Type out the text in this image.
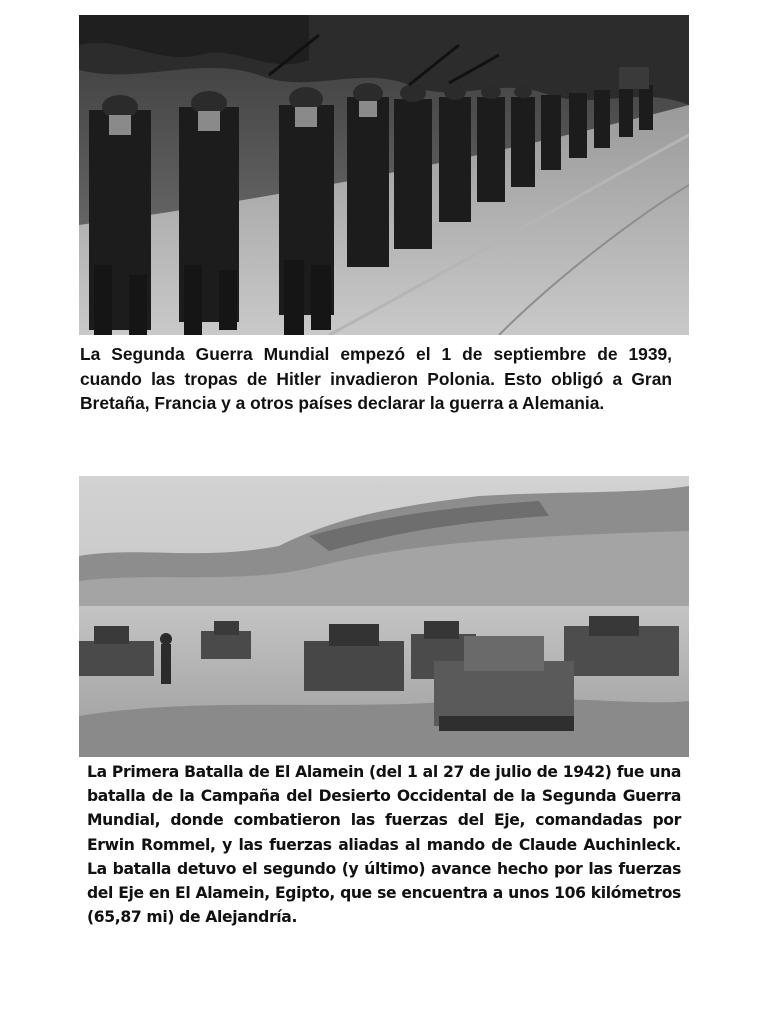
La Segunda Guerra Mundial empezó el 1 de septiembre de 1939, cuando las tropas de Hitler invadieron Polonia. Esto obligó a Gran Bretaña, Francia y a otros países declarar la guerra a Alemania.

La Primera Batalla de El Alamein (del 1 al 27 de julio de 1942) fue una batalla de la Campaña del Desierto Occidental de la Segunda Guerra Mundial, donde combatieron las fuerzas del Eje, comandadas por Erwin Rommel, y las fuerzas aliadas al mando de Claude Auchinleck. La batalla detuvo el segundo (y último) avance hecho por las fuerzas del Eje en El Alamein, Egipto, que se encuentra a unos 106 kilómetros (65,87 mi) de Alejandría.
